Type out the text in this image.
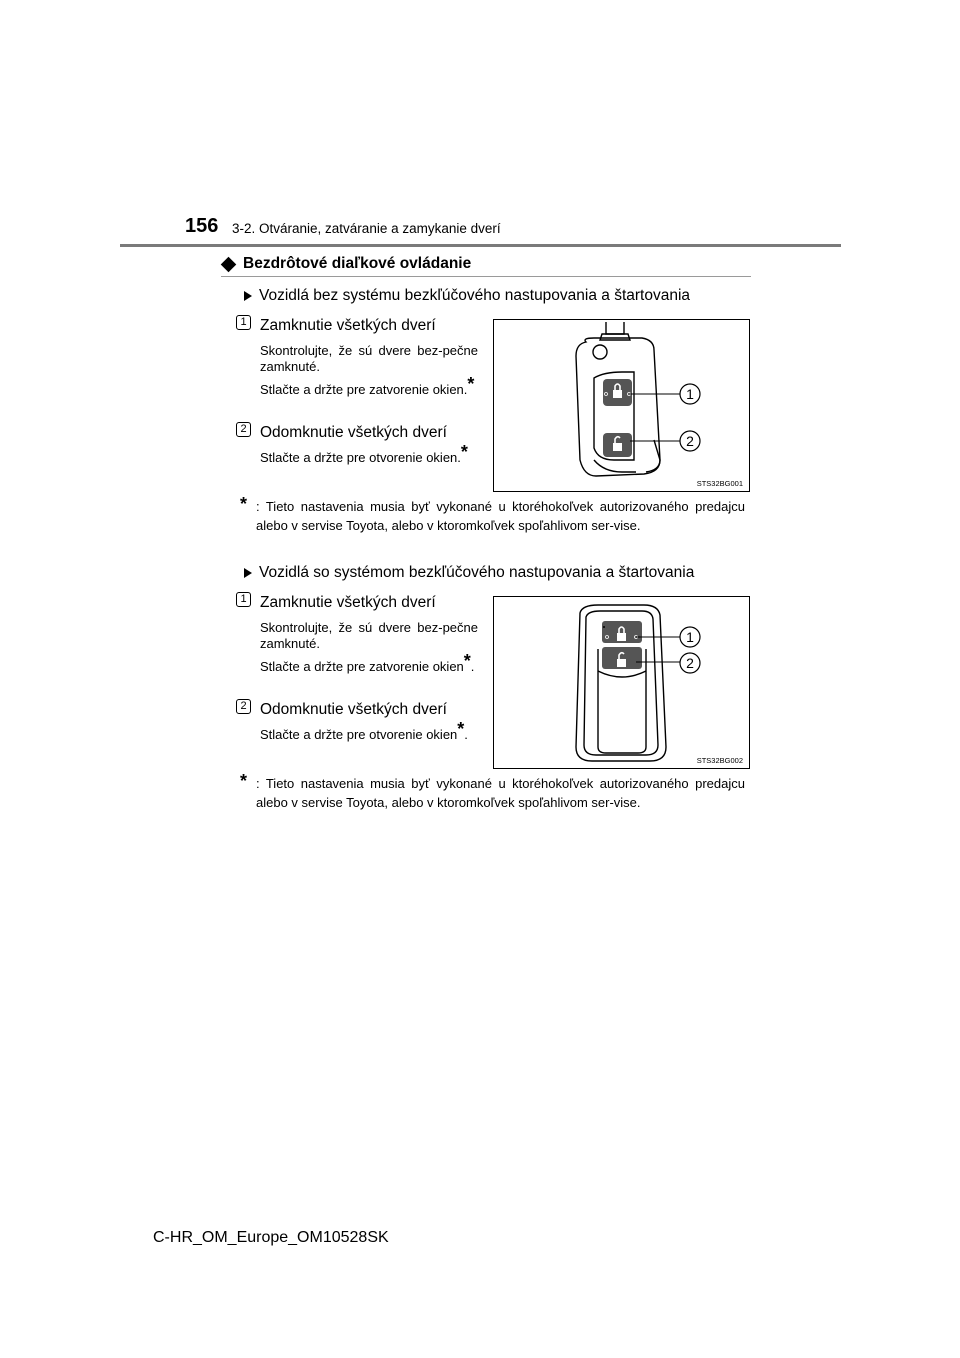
156 3-2. Otváranie, zatváranie a zamykanie dverí
Bezdrôtové diaľkové ovládanie
Vozidlá bez systému bezkľúčového nastupovania a štartovania
1 Zamknutie všetkých dverí
Skontrolujte, že sú dvere bez-pečne zamknuté.
Stlačte a držte pre zatvorenie okien.*
2 Odomknutie všetkých dverí
Stlačte a držte pre otvorenie okien.*
1
2
STS32BG001
* : Tieto nastavenia musia byť vykonané u ktoréhokoľvek autorizovaného predajcu alebo v servise Toyota, alebo v ktoromkoľvek spoľahlivom ser-vise.
Vozidlá so systémom bezkľúčového nastupovania a štartovania
1 Zamknutie všetkých dverí
Skontrolujte, že sú dvere bez-pečne zamknuté.
Stlačte a držte pre zatvorenie okien*.
2 Odomknutie všetkých dverí
Stlačte a držte pre otvorenie okien*.
1
2
STS32BG002
* : Tieto nastavenia musia byť vykonané u ktoréhokoľvek autorizovaného predajcu alebo v servise Toyota, alebo v ktoromkoľvek spoľahlivom ser-vise.
C-HR_OM_Europe_OM10528SK
